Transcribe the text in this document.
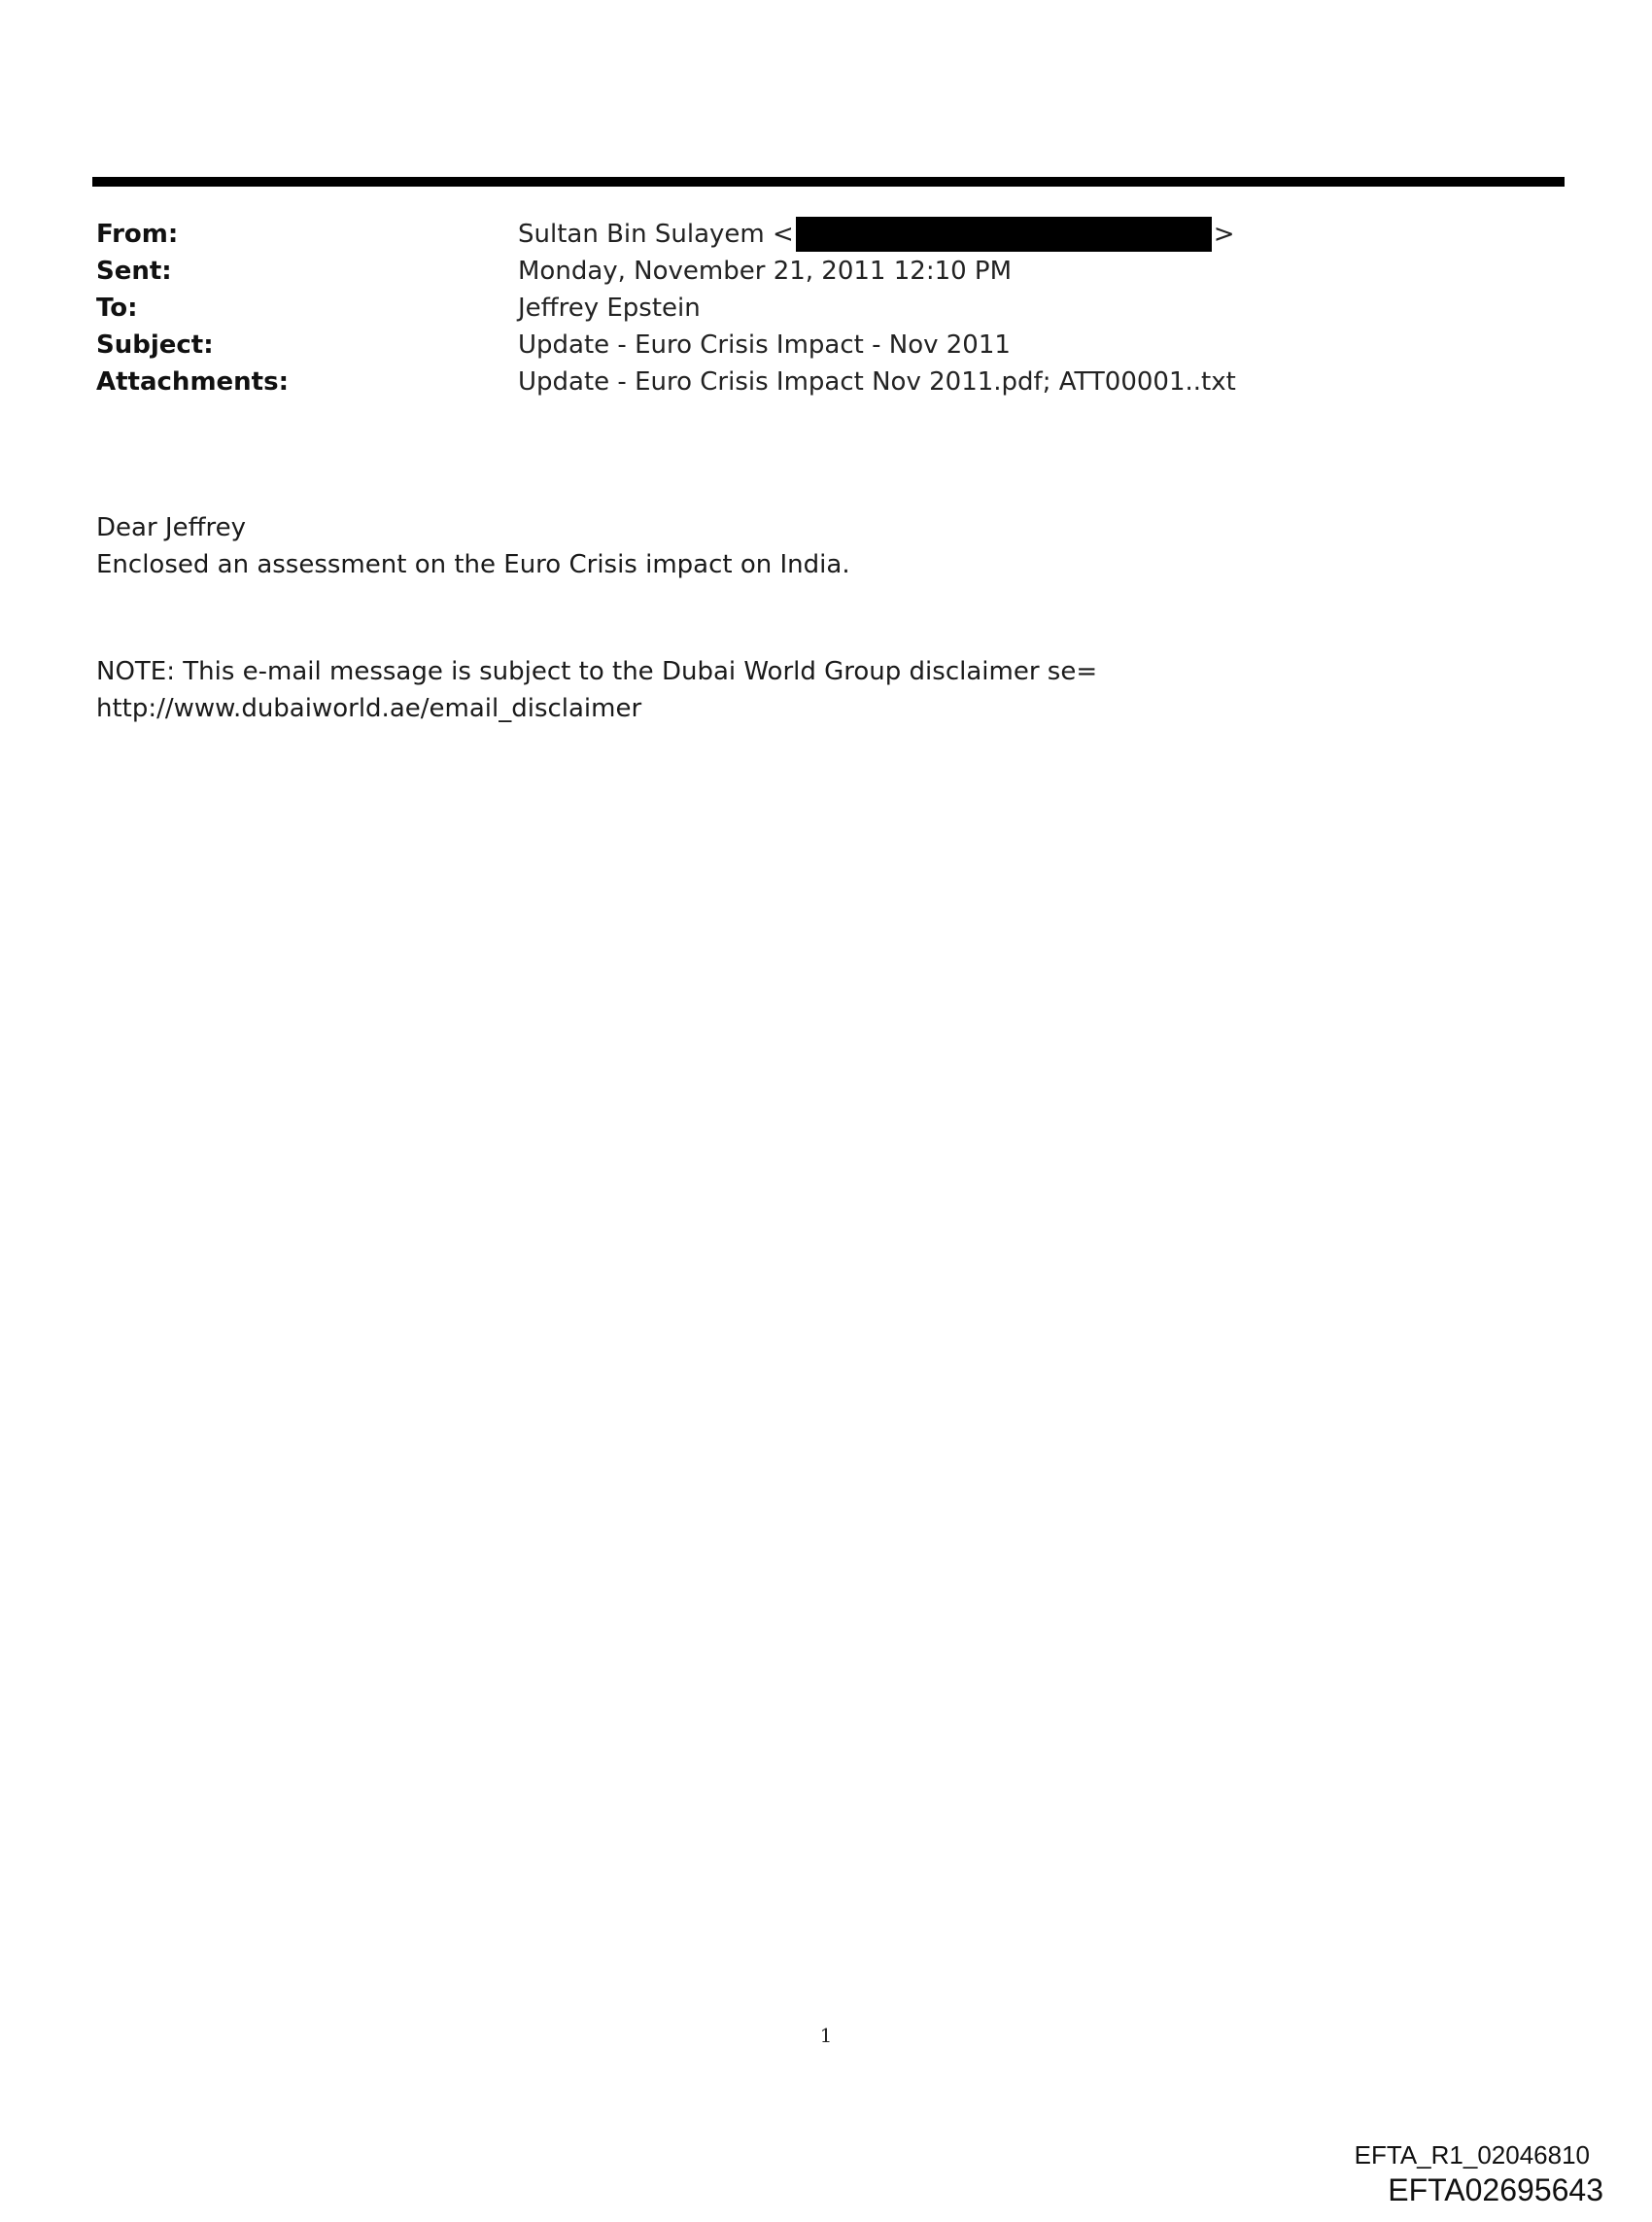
From:	Sultan Bin Sulayem <	>
Sent:	Monday, November 21, 2011 12:10 PM
To:	Jeffrey Epstein
Subject:	Update - Euro Crisis Impact - Nov 2011
Attachments:	Update - Euro Crisis Impact Nov 2011.pdf; ATT00001..txt
Dear Jeffrey
Enclosed an assessment on the Euro Crisis impact on India.
NOTE: This e-mail message is subject to the Dubai World Group disclaimer se=
http://www.dubaiworld.ae/email_disclaimer
1
EFTA_R1_02046810
EFTA02695643
